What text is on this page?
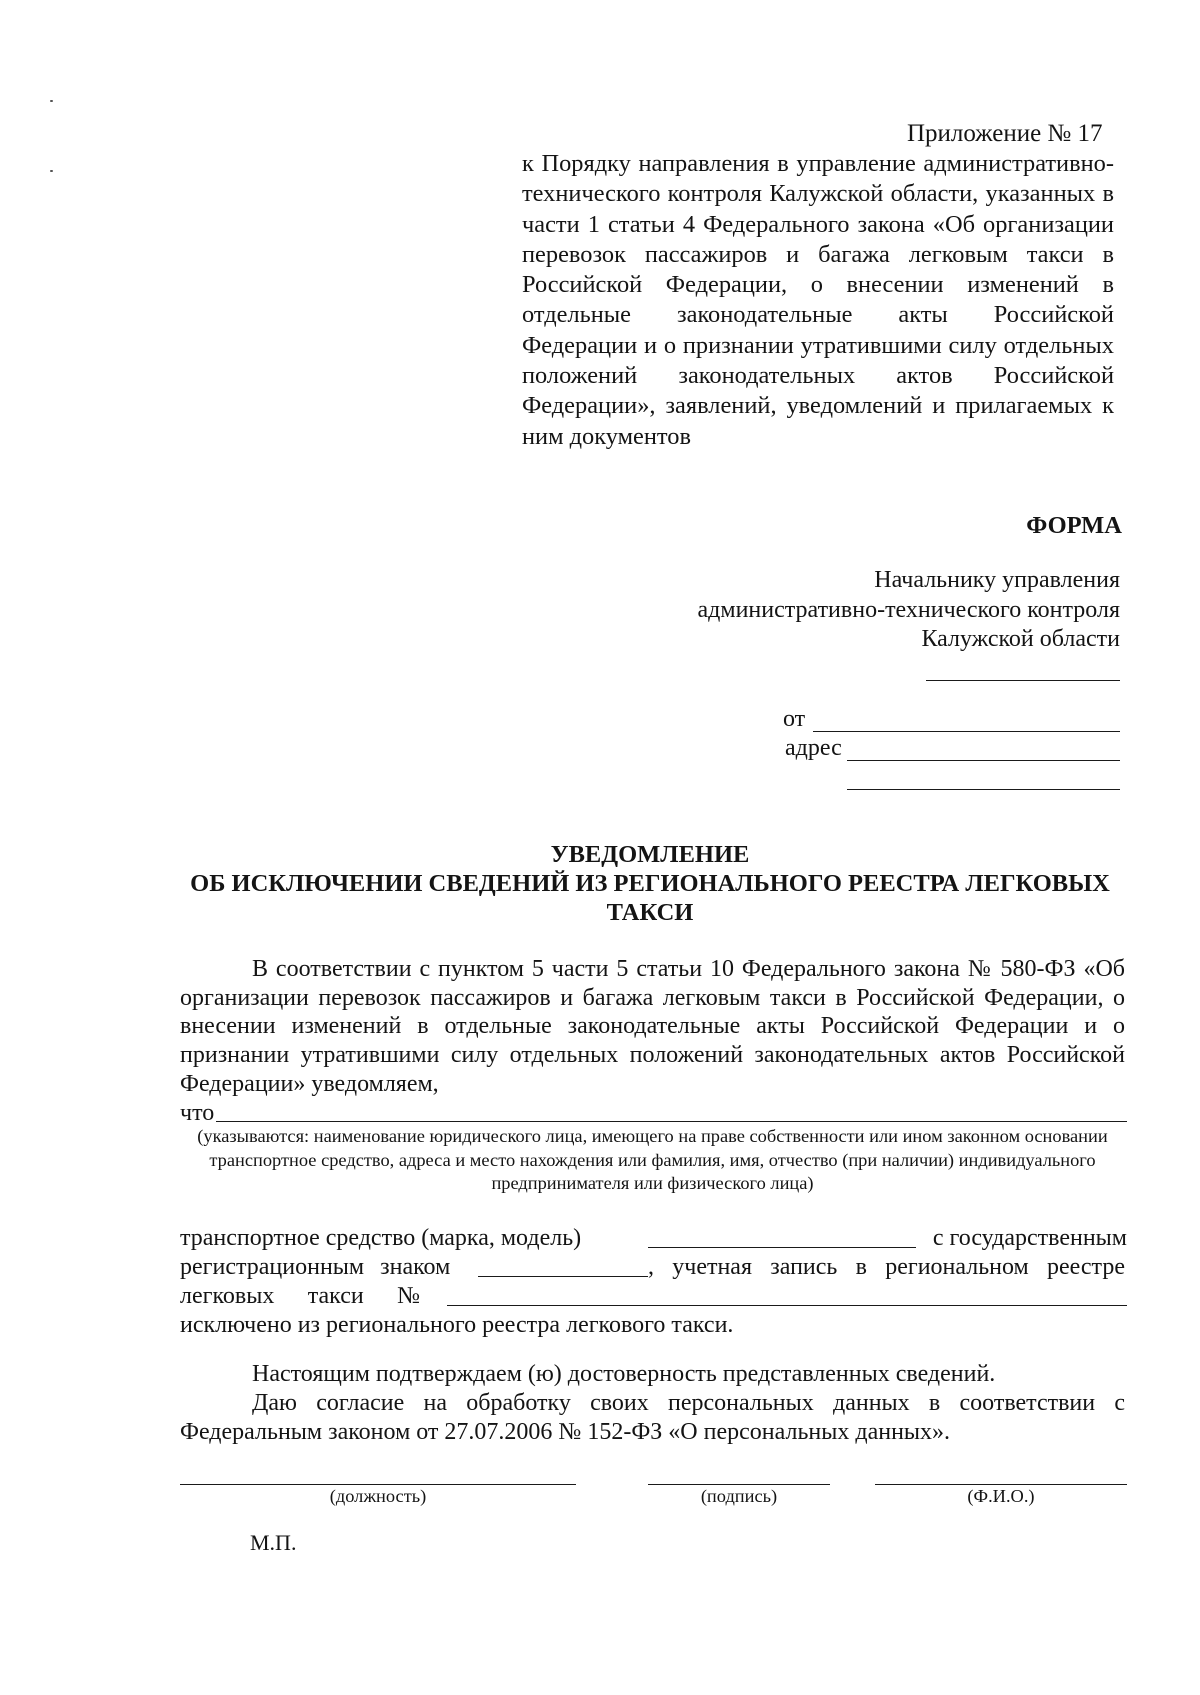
Приложение № 17
к Порядку направления в управление административно-технического контроля Калужской области, указанных в части 1 статьи 4 Федерального закона «Об организации перевозок пассажиров и багажа легковым такси в Российской Федерации, о внесении изменений в отдельные законодательные акты Российской Федерации и о признании утратившими силу отдельных положений законодательных актов Российской Федерации», заявлений, уведомлений и прилагаемых к ним документов
ФОРМА
Начальнику управления
административно-технического контроля
Калужской области
от
адрес
УВЕДОМЛЕНИЕ
ОБ ИСКЛЮЧЕНИИ СВЕДЕНИЙ ИЗ РЕГИОНАЛЬНОГО РЕЕСТРА ЛЕГКОВЫХ
ТАКСИ
В соответствии с пунктом 5 части 5 статьи 10 Федерального закона № 580-ФЗ «Об организации перевозок пассажиров и багажа легковым такси в Российской Федерации, о внесении изменений в отдельные законодательные акты Российской Федерации и о признании утратившими силу отдельных положений законодательных актов Российской Федерации» уведомляем,
что
(указываются: наименование юридического лица, имеющего на праве собственности или ином законном основании транспортное средство, адреса и место нахождения или фамилия, имя, отчество (при наличии) индивидуального предпринимателя или физического лица)
транспортное средство (марка, модель)	с государственным
регистрационным знаком	, учетная запись в региональном реестре
легковых такси №
исключено из регионального реестра легкового такси.
Настоящим подтверждаем (ю) достоверность представленных сведений.
Даю согласие на обработку своих персональных данных в соответствии с Федеральным законом от 27.07.2006 № 152-ФЗ «О персональных данных».
(должность)	(подпись)	(Ф.И.О.)
М.П.
